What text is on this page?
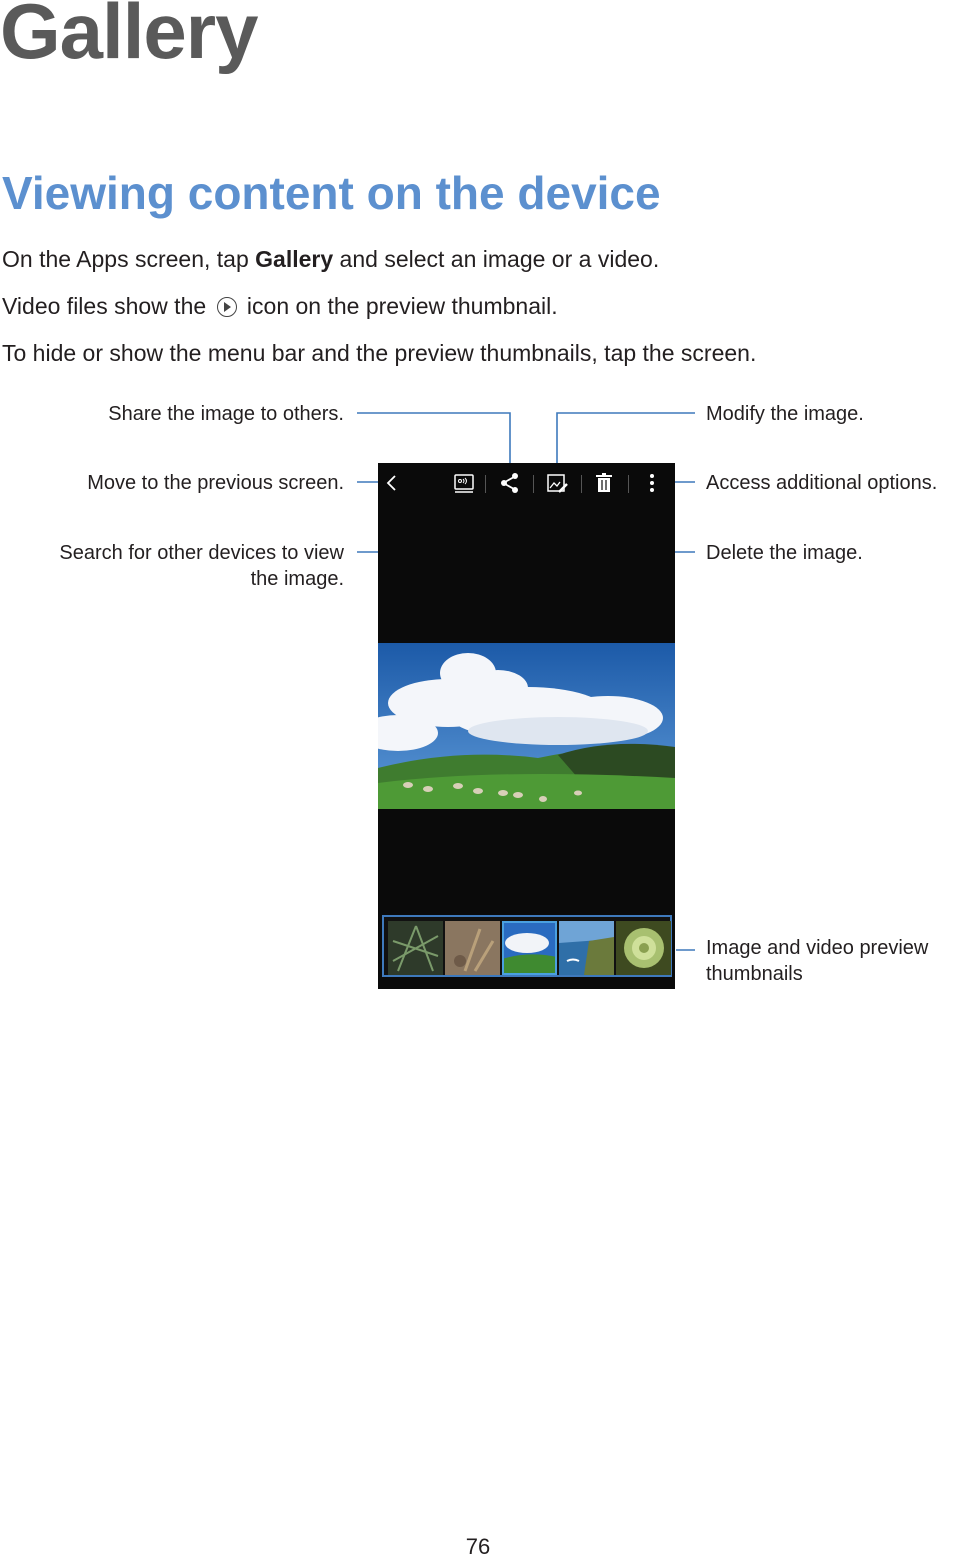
Gallery
Viewing content on the device
On the Apps screen, tap Gallery and select an image or a video.
Video files show the  icon on the preview thumbnail.
To hide or show the menu bar and the preview thumbnails, tap the screen.
Share the image to others.
Move to the previous screen.
Search for other devices to view
the image.
Modify the image.
Access additional options.
Delete the image.
Image and video preview
thumbnails
76
